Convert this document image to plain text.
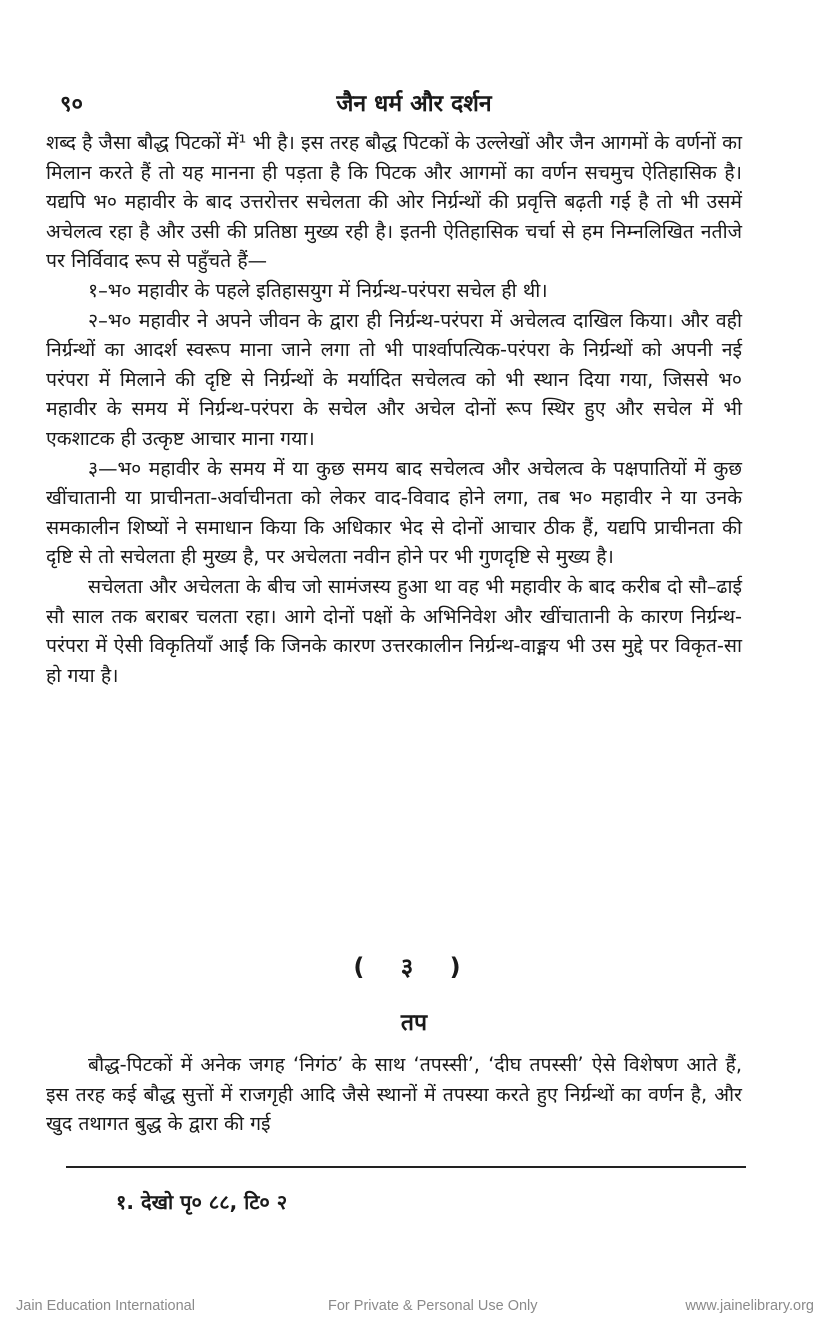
९०	जैन धर्म और दर्शन

शब्द है जैसा बौद्ध पिटकों में¹ भी है। इस तरह बौद्ध पिटकों के उल्लेखों और जैन आगमों के वर्णनों का मिलान करते हैं तो यह मानना ही पड़ता है कि पिटक और आगमों का वर्णन सचमुच ऐतिहासिक है। यद्यपि भ० महावीर के बाद उत्तरोत्तर सचेलता की ओर निर्ग्रन्थों की प्रवृत्ति बढ़ती गई है तो भी उसमें अचेलत्व रहा है और उसी की प्रतिष्ठा मुख्य रही है। इतनी ऐतिहासिक चर्चा से हम निम्नलिखित नतीजे पर निर्विवाद रूप से पहुँचते हैं—

१–भ० महावीर के पहले इतिहासयुग में निर्ग्रन्थ-परंपरा सचेल ही थी।

२–भ० महावीर ने अपने जीवन के द्वारा ही निर्ग्रन्थ-परंपरा में अचेलत्व दाखिल किया। और वही निर्ग्रन्थों का आदर्श स्वरूप माना जाने लगा तो भी पार्श्वापत्यिक-परंपरा के निर्ग्रन्थों को अपनी नई परंपरा में मिलाने की दृष्टि से निर्ग्रन्थों के मर्यादित सचेलत्व को भी स्थान दिया गया, जिससे भ० महावीर के समय में निर्ग्रन्थ-परंपरा के सचेल और अचेल दोनों रूप स्थिर हुए और सचेल में भी एकशाटक ही उत्कृष्ट आचार माना गया।

३—भ० महावीर के समय में या कुछ समय बाद सचेलत्व और अचेलत्व के पक्षपातियों में कुछ खींचातानी या प्राचीनता-अर्वाचीनता को लेकर वाद-विवाद होने लगा, तब भ० महावीर ने या उनके समकालीन शिष्यों ने समाधान किया कि अधिकार भेद से दोनों आचार ठीक हैं, यद्यपि प्राचीनता की दृष्टि से तो सचेलता ही मुख्य है, पर अचेलता नवीन होने पर भी गुणदृष्टि से मुख्य है।

सचेलता और अचेलता के बीच जो सामंजस्य हुआ था वह भी महावीर के बाद करीब दो सौ–ढाई सौ साल तक बराबर चलता रहा। आगे दोनों पक्षों के अभिनिवेश और खींचातानी के कारण निर्ग्रन्थ-परंपरा में ऐसी विकृतियाँ आईं कि जिनके कारण उत्तरकालीन निर्ग्रन्थ-वाङ्मय भी उस मुद्दे पर विकृत-सा हो गया है।

( ३ )
तप

बौद्ध-पिटकों में अनेक जगह ‘निगंठ’ के साथ ‘तपस्सी’, ‘दीघ तपस्सी’ ऐसे विशेषण आते हैं, इस तरह कई बौद्ध सुत्तों में राजगृही आदि जैसे स्थानों में तपस्या करते हुए निर्ग्रन्थों का वर्णन है, और खुद तथागत बुद्ध के द्वारा की गई

१. देखो पृ० ८८, टि० २
Jain Education International	For Private & Personal Use Only	www.jainelibrary.org
